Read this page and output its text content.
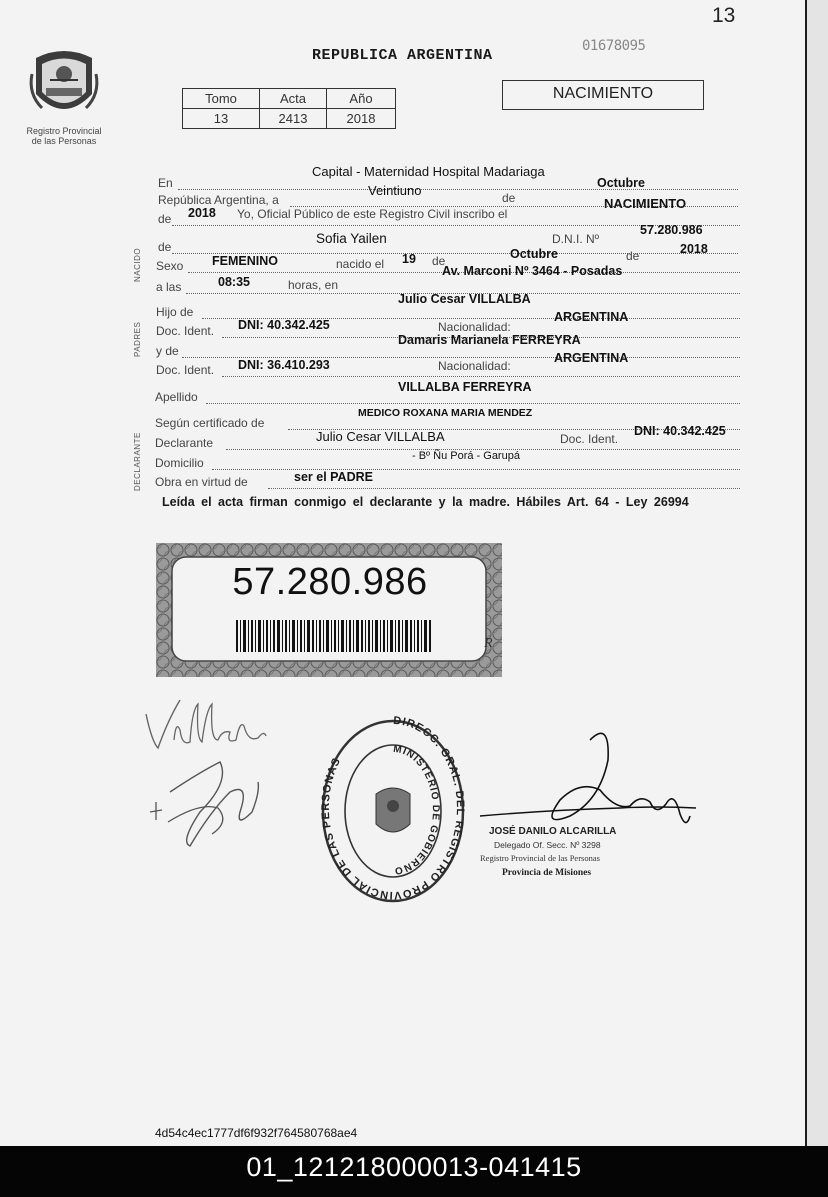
13
Registro Provincial
de las Personas
REPUBLICA ARGENTINA
01678095
Tomo	Acta	Año
13	2413	2018
NACIMIENTO
NACIDO
PADRES
DECLARANTE
En
Capital - Maternidad Hospital Madariaga
República Argentina, a
Veintiuno	de
Octubre
de 2018 Yo, Oficial Público de este Registro Civil inscribo el
NACIMIENTO
de
Sofia Yailen	D.N.I. Nº
57.280.986
Sexo FEMENINO	nacido el 19 de	Octubre	de	2018
a las	08:35	horas, en
Av. Marconi Nº 3464 - Posadas
Hijo de
Julio Cesar VILLALBA
Doc. Ident. DNI: 40.342.425	Nacionalidad:
ARGENTINA
y de
Damaris Marianela FERREYRA
Doc. Ident. DNI: 36.410.293	Nacionalidad:
ARGENTINA
Apellido
VILLALBA FERREYRA
Según certificado de
MEDICO ROXANA MARIA MENDEZ
Declarante	Julio Cesar VILLALBA	Doc. Ident.
DNI: 40.342.425
Domicilio	- Bº Ñu Porá - Garupá
Obra en virtud de	ser el PADRE
Leída el acta firman conmigo el declarante y la madre. Hábiles Art. 64 - Ley 26994
R
57.280.986
DIRECC. GRAL. DEL REGISTRO PROVINCIAL DE LAS PERSONAS
MINISTERIO DE GOBIERNO
JOSÉ DANILO ALCARILLA
Delegado Of. Secc. Nº 3298
Registro Provincial de las Personas
Provincia de Misiones
4d54c4ec1777df6f932f764580768ae4
01_121218000013-041415
